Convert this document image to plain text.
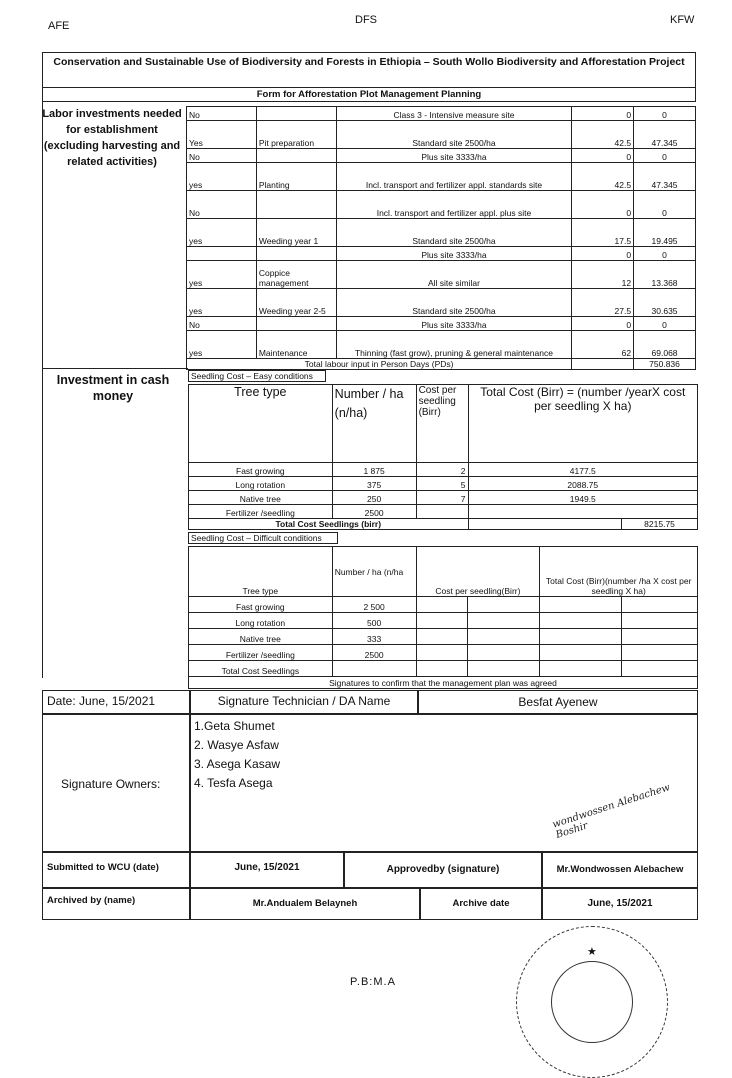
AFE	DFS	KFW
Conservation and Sustainable Use of Biodiversity and Forests in Ethiopia – South Wollo Biodiversity and Afforestation Project
Form for Afforestation Plot Management Planning
Labor investments needed for establishment (excluding harvesting and related activities)
No		Class 3 - Intensive measure site	0	0
Yes	Pit preparation	Standard site 2500/ha	42.5	47.345
No		Plus site 3333/ha	0	0
yes	Planting	Incl. transport and fertilizer appl. standards site	42.5	47.345
No		Incl. transport and fertilizer appl. plus site	0	0
yes	Weeding year 1	Standard site 2500/ha	17.5	19.495
		Plus site 3333/ha	0	0
yes	Coppice management	All site similar	12	13.368
yes	Weeding year 2-5	Standard site 2500/ha	27.5	30.635
No		Plus site 3333/ha	0	0
yes	Maintenance	Thinning (fast grow), pruning & general maintenance	62	69.068
Total labour input in Person Days (PDs)				750.836
Investment in cash money
Seedling Cost – Easy conditions
Tree type	Number / ha (n/ha)	Cost per seedling (Birr)	Total Cost (Birr) = (number /yearX cost per seedling X ha)	
Fast growing	1 875	2	4177.5	
Long rotation	375	5	2088.75	
Native tree	250	7	1949.5	
Fertilizer /seedling	2500			
Total Cost Seedlings (birr)				8215.75
Seedling Cost – Difficult conditions
Tree type	Number / ha (n/ha	Cost per seedling(Birr)		Total Cost (Birr)(number /ha X cost per seedling X ha)	
Fast growing	2 500				
Long rotation	500				
Native tree	333				
Fertilizer /seedling	2500				
Total Cost Seedlings					
Signatures to confirm that the management plan was agreed
Date: June, 15/2021	Signature Technician / DA Name	Besfat Ayenew
Signature Owners:
1.Geta Shumet
2. Wasye Asfaw
3. Asega Kasaw
4. Tesfa Asega	wondwossen Alebachew Boshir
Submitted to WCU (date)	June, 15/2021	Approvedby (signature)	Mr.Wondwossen Alebachew
Archived by (name)	Mr.Andualem Belayneh	Archive date	June, 15/2021
★
P.B:M.A
